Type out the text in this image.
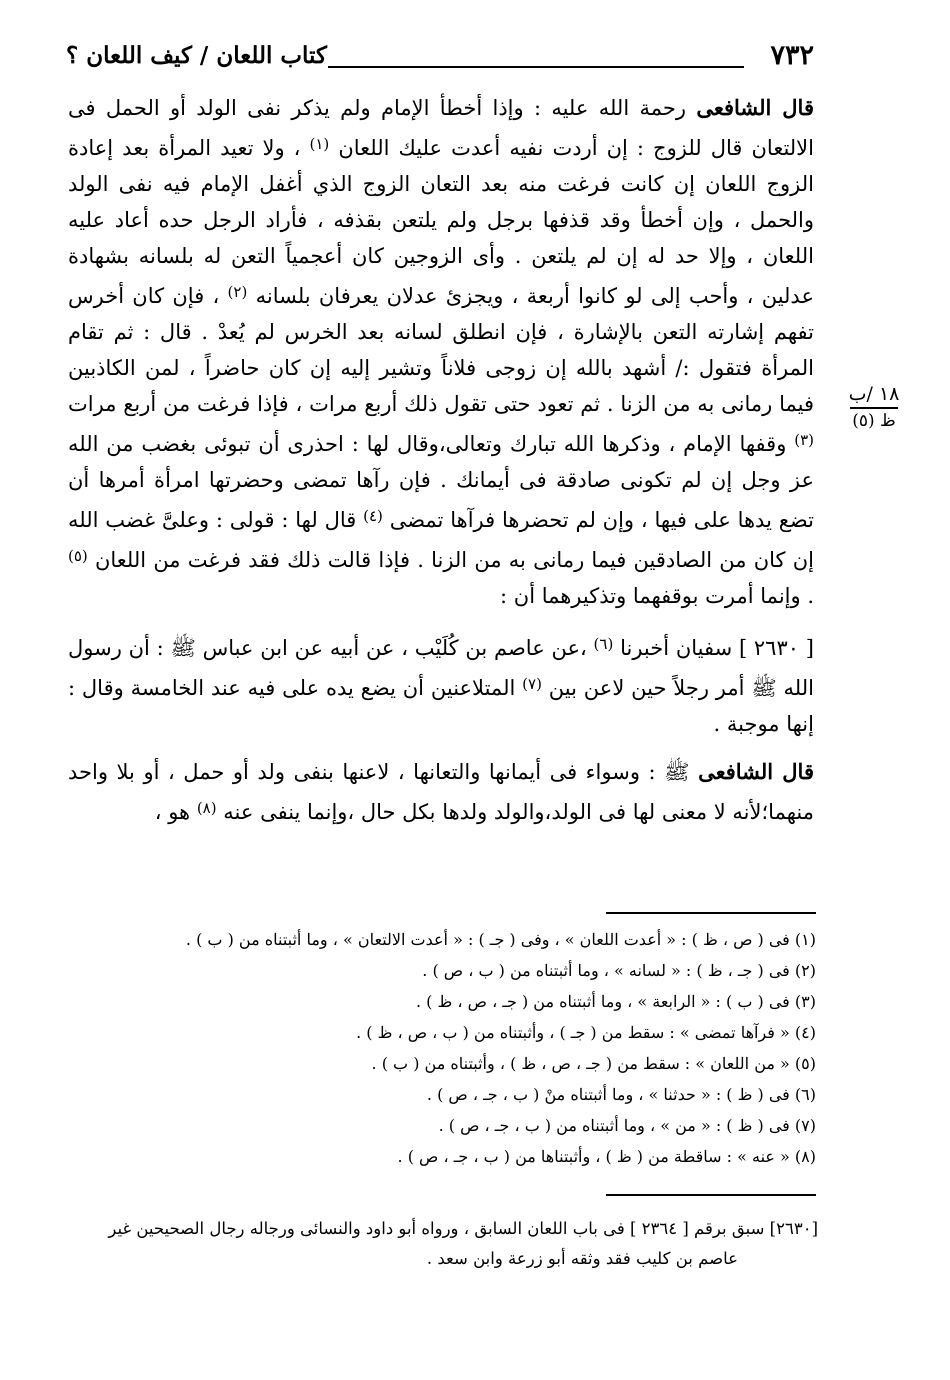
٧٣٢
كتاب اللعان / كيف اللعان ؟
١٨ /ب
ظ (٥)

قال الشافعى رحمة الله عليه : وإذا أخطأ الإمام ولم يذكر نفى الولد أو الحمل فى الالتعان قال للزوج : إن أردت نفيه أعدت عليك اللعان $^{(١)}$ ، ولا تعيد المرأة بعد إعادة الزوج اللعان إن كانت فرغت منه بعد التعان الزوج الذي أغفل الإمام فيه نفى الولد والحمل ، وإن أخطأ وقد قذفها برجل ولم يلتعن بقذفه ، فأراد الرجل حده أعاد عليه اللعان ، وإلا حد له إن لم يلتعن . وأى الزوجين كان أعجمياً التعن له بلسانه بشهادة عدلين ، وأحب إلى لو كانوا أربعة ، ويجزئ عدلان يعرفان بلسانه $^{(٢)}$ ، فإن كان أخرس تفهم إشارته التعن بالإشارة ، فإن انطلق لسانه بعد الخرس لم يُعدْ . قال : ثم تقام المرأة فتقول :/ أشهد بالله إن زوجى فلاناً وتشير إليه إن كان حاضراً ، لمن الكاذبين فيما رمانى به من الزنا . ثم تعود حتى تقول ذلك أربع مرات ، فإذا فرغت من أربع مرات $^{(٣)}$ وقفها الإمام ، وذكرها الله تبارك وتعالى،وقال لها : احذرى أن تبوئى بغضب من الله عز وجل إن لم تكونى صادقة فى أيمانك . فإن رآها تمضى وحضرتها امرأة أمرها أن تضع يدها على فيها ، وإن لم تحضرها فرآها تمضى $^{(٤)}$ قال لها : قولى : وعلىَّ غضب الله إن كان من الصادقين فيما رمانى به من الزنا . فإذا قالت ذلك فقد فرغت من اللعان $^{(٥)}$ . وإنما أمرت بوقفهما وتذكيرهما أن :

[ ٢٦٣٠ ] سفيان أخبرنا $^{(٦)}$ ،عن عاصم بن كُلَيْب ، عن أبيه عن ابن عباس ﷺ : أن رسول الله ﷺ أمر رجلاً حين لاعن بين $^{(٧)}$ المتلاعنين أن يضع يده على فيه عند الخامسة وقال : إنها موجبة .

قال الشافعى ﷺ : وسواء فى أيمانها والتعانها ، لاعنها بنفى ولد أو حمل ، أو بلا واحد منهما؛لأنه لا معنى لها فى الولد،والولد ولدها بكل حال ،وإنما ينفى عنه $^{(٨)}$ هو ،

(١) فى ( ص ، ظ ) : « أعدت اللعان » ، وفى ( جـ ) : « أعدت الالتعان » ، وما أثبتناه من ( ب ) .
(٢) فى ( جـ ، ظ ) : « لسانه » ، وما أثبتناه من ( ب ، ص ) .
(٣) فى ( ب ) : « الرابعة » ، وما أثبتناه من ( جـ ، ص ، ظ ) .
(٤) « فرآها تمضى » : سقط من ( جـ ) ، وأثبتناه من ( ب ، ص ، ظ ) .
(٥) « من اللعان » : سقط من ( جـ ، ص ، ظ ) ، وأثبتناه من ( ب ) .
(٦) فى ( ظ ) : « حدثنا » ، وما أثبتناه منْ ( ب ، جـ ، ص ) .
(٧) فى ( ظ ) : « من » ، وما أثبتناه من ( ب ، جـ ، ص ) .
(٨) « عنه » : ساقطة من ( ظ ) ، وأثبتناها من ( ب ، جـ ، ص ) .
[٢٦٣٠] سبق برقم [ ٢٣٦٤ ] فى باب اللعان السابق ، ورواه أبو داود والنسائى ورجاله رجال الصحيحين غير
عاصم بن كليب فقد وثقه أبو زرعة وابن سعد .
